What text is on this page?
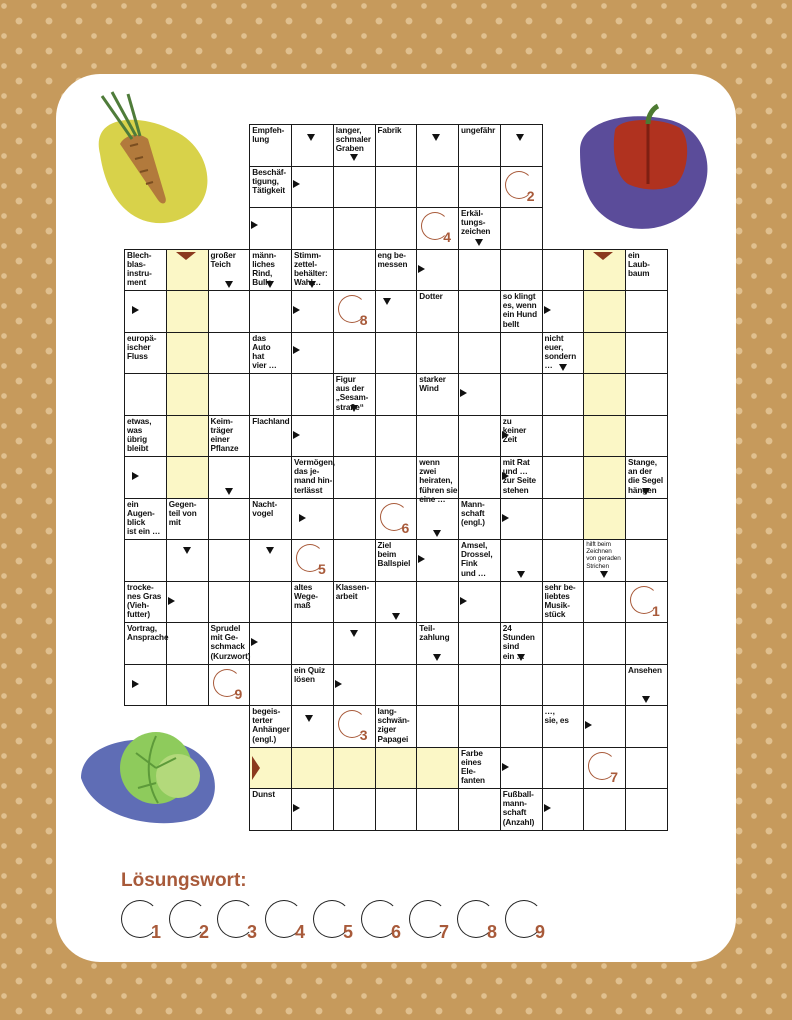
Empfeh-
lung
langer,
schmaler
Graben
Fabrik	ungefähr
Beschäf-
tigung,
Tätigkeit
Erkäl-
tungs-
zeichen
Blech-
blas-
instru-
ment
großer
Teich
männ-
liches
Rind,
Bulle
Stimm-
zettel-
behälter:
Wahl…
eng be-
messen
ein
Laub-
baum
Dotter	so klingt
es, wenn
ein Hund
bellt
europä-
ischer
Fluss
das
Auto
hat
vier …
nicht
euer,
sondern
…
Figur
aus der
„Sesam-
straße“
starker
Wind
etwas,
was
übrig
bleibt
Keim-
träger
einer
Pflanze
Flachland	zu
keiner
Zeit
Vermögen,
das je-
mand hin-
terlässt
wenn zwei
heiraten,
führen sie
eine …
mit Rat
und …
zur Seite
stehen
Stange,
an der
die Segel
hängen
ein
Augen-
blick
ist ein …
Gegen-
teil von
mit
Nacht-
vogel
Mann-
schaft
(engl.)
Ziel
beim
Ballspiel
Amsel,
Drossel,
Fink
und …
hilft beim
Zeichnen
von geraden
Strichen
trocke-
nes Gras
(Vieh-
futter)
altes
Wege-
maß
Klassen-
arbeit
sehr be-
liebtes
Musik-
stück
Vortrag,
Ansprache
Sprudel
mit Ge-
schmack
(Kurzwort)
Teil-
zahlung
24
Stunden
sind
ein …
ein Quiz
lösen
Ansehen
begeis-
terter
Anhänger
(engl.)
lang-
schwän-
ziger
Papagei
…,
sie, es
Farbe
eines
Ele-
fanten
Dunst	Fußball-
mann-
schaft
(Anzahl)
2
4
8
6
5
1
9
3
7
Lösungswort:
1 2 3 4 5 6 7 8 9
